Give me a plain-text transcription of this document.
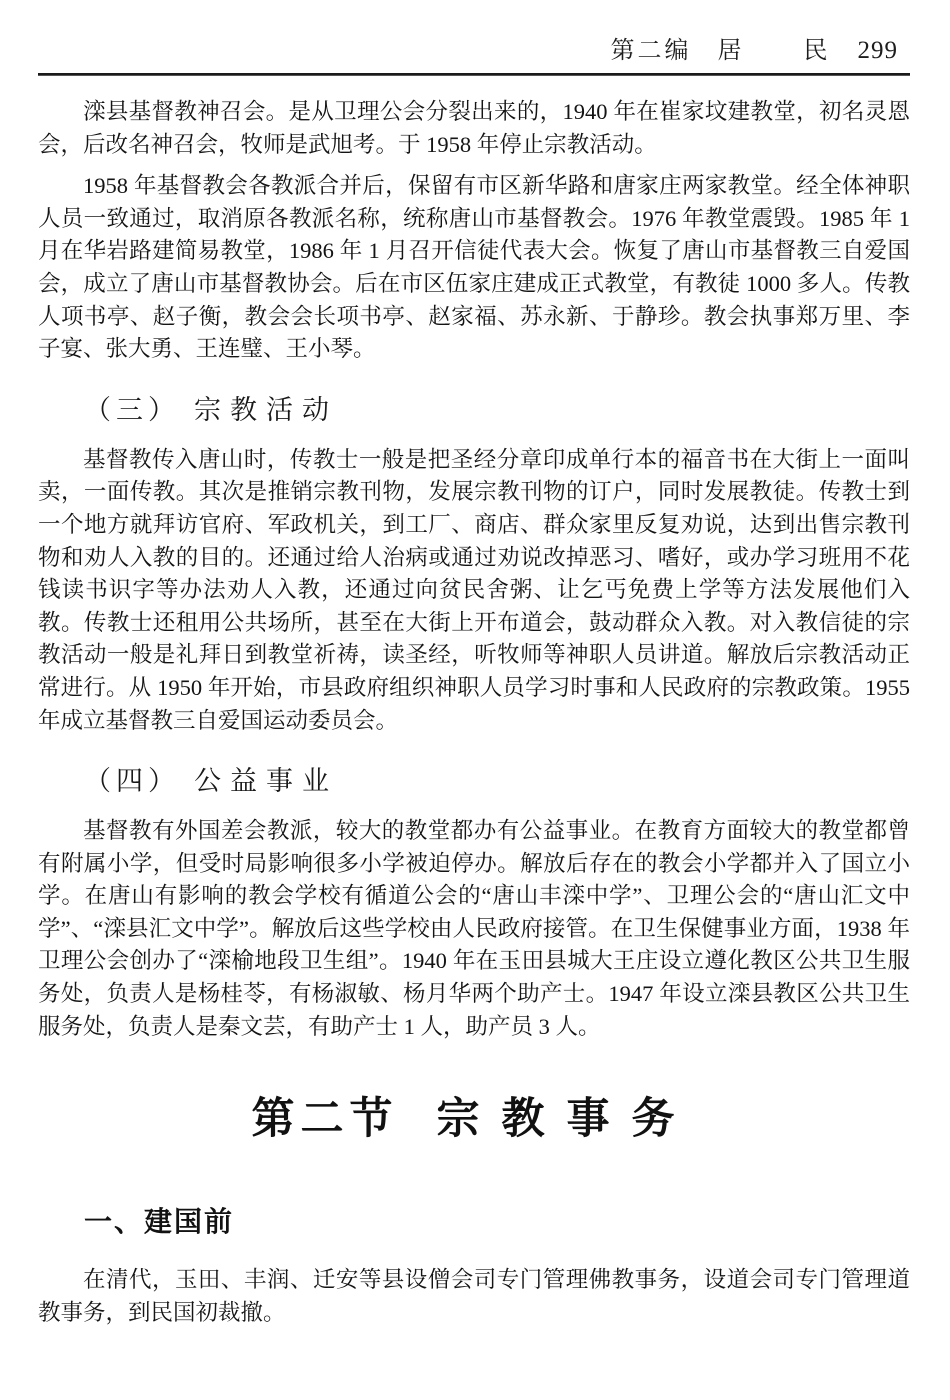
第二编 居	民 299

滦县基督教神召会。是从卫理公会分裂出来的，1940 年在崔家坟建教堂，初名灵恩会，后改名神召会，牧师是武旭考。于 1958 年停止宗教活动。

1958 年基督教会各教派合并后，保留有市区新华路和唐家庄两家教堂。经全体神职人员一致通过，取消原各教派名称，统称唐山市基督教会。1976 年教堂震毁。1985 年 1 月在华岩路建简易教堂，1986 年 1 月召开信徒代表大会。恢复了唐山市基督教三自爱国会，成立了唐山市基督教协会。后在市区伍家庄建成正式教堂，有教徒 1000 多人。传教人项书亭、赵子衡，教会会长项书亭、赵家福、苏永新、于静珍。教会执事郑万里、李子宴、张大勇、王连璧、王小琴。

（三） 宗教活动

基督教传入唐山时，传教士一般是把圣经分章印成单行本的福音书在大街上一面叫卖，一面传教。其次是推销宗教刊物，发展宗教刊物的订户，同时发展教徒。传教士到一个地方就拜访官府、军政机关，到工厂、商店、群众家里反复劝说，达到出售宗教刊物和劝人入教的目的。还通过给人治病或通过劝说改掉恶习、嗜好，或办学习班用不花钱读书识字等办法劝人入教，还通过向贫民舍粥、让乞丐免费上学等方法发展他们入教。传教士还租用公共场所，甚至在大街上开布道会，鼓动群众入教。对入教信徒的宗教活动一般是礼拜日到教堂祈祷，读圣经，听牧师等神职人员讲道。解放后宗教活动正常进行。从 1950 年开始，市县政府组织神职人员学习时事和人民政府的宗教政策。1955 年成立基督教三自爱国运动委员会。

（四） 公益事业

基督教有外国差会教派，较大的教堂都办有公益事业。在教育方面较大的教堂都曾有附属小学，但受时局影响很多小学被迫停办。解放后存在的教会小学都并入了国立小学。在唐山有影响的教会学校有循道公会的“唐山丰滦中学”、卫理公会的“唐山汇文中学”、“滦县汇文中学”。解放后这些学校由人民政府接管。在卫生保健事业方面，1938 年卫理公会创办了“滦榆地段卫生组”。1940 年在玉田县城大王庄设立遵化教区公共卫生服务处，负责人是杨桂苓，有杨淑敏、杨月华两个助产士。1947 年设立滦县教区公共卫生服务处，负责人是秦文芸，有助产士 1 人，助产员 3 人。

第二节 宗教事务
一、建国前

在清代，玉田、丰润、迁安等县设僧会司专门管理佛教事务，设道会司专门管理道教事务，到民国初裁撤。
